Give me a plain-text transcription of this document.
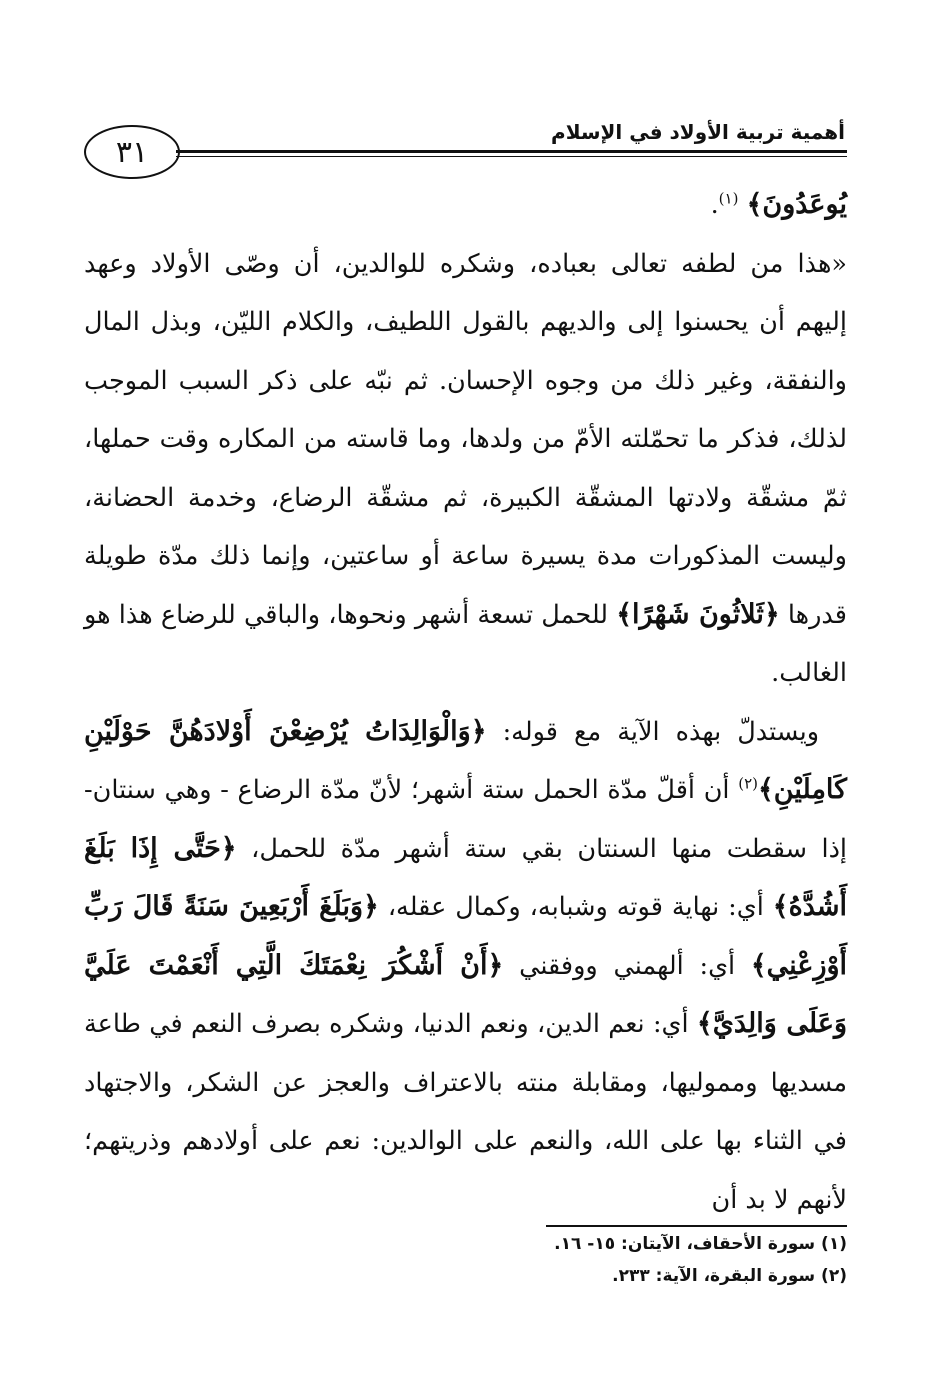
أهمية تربية الأولاد في الإسلام
٣١

يُوعَدُونَ﴾ $^{(١)}$.

«هذا من لطفه تعالى بعباده، وشكره للوالدين، أن وصّى الأولاد وعهد إليهم أن يحسنوا إلى والديهم بالقول اللطيف، والكلام الليّن، وبذل المال والنفقة، وغير ذلك من وجوه الإحسان. ثم نبّه على ذكر السبب الموجب لذلك، فذكر ما تحمّلته الأمّ من ولدها، وما قاسته من المكاره وقت حملها، ثمّ مشقّة ولادتها المشقّة الكبيرة، ثم مشقّة الرضاع، وخدمة الحضانة، وليست المذكورات مدة يسيرة ساعة أو ساعتين، وإنما ذلك مدّة طويلة قدرها ﴿ثَلاثُونَ شَهْرًا﴾ للحمل تسعة أشهر ونحوها، والباقي للرضاع هذا هو الغالب.

ويستدلّ بهذه الآية مع قوله: ﴿وَالْوَالِدَاتُ يُرْضِعْنَ أَوْلادَهُنَّ حَوْلَيْنِ كَامِلَيْنِ﴾$^{(٢)}$ أن أقلّ مدّة الحمل ستة أشهر؛ لأنّ مدّة الرضاع - وهي سنتان- إذا سقطت منها السنتان بقي ستة أشهر مدّة للحمل، ﴿حَتَّى إِذَا بَلَغَ أَشُدَّهُ﴾ أي: نهاية قوته وشبابه، وكمال عقله، ﴿وَبَلَغَ أَرْبَعِينَ سَنَةً قَالَ رَبِّ أَوْزِعْنِي﴾ أي: ألهمني ووفقني ﴿أَنْ أَشْكُرَ نِعْمَتَكَ الَّتِي أَنْعَمْتَ عَلَيَّ وَعَلَى وَالِدَيَّ﴾ أي: نعم الدين، ونعم الدنيا، وشكره بصرف النعم في طاعة مسديها ومموليها، ومقابلة منته بالاعتراف والعجز عن الشكر، والاجتهاد في الثناء بها على الله، والنعم على الوالدين: نعم على أولادهم وذريتهم؛ لأنهم لا بد أن

(١) سورة الأحقاف، الآيتان: ١٥- ١٦.
(٢) سورة البقرة، الآية: ٢٣٣.
